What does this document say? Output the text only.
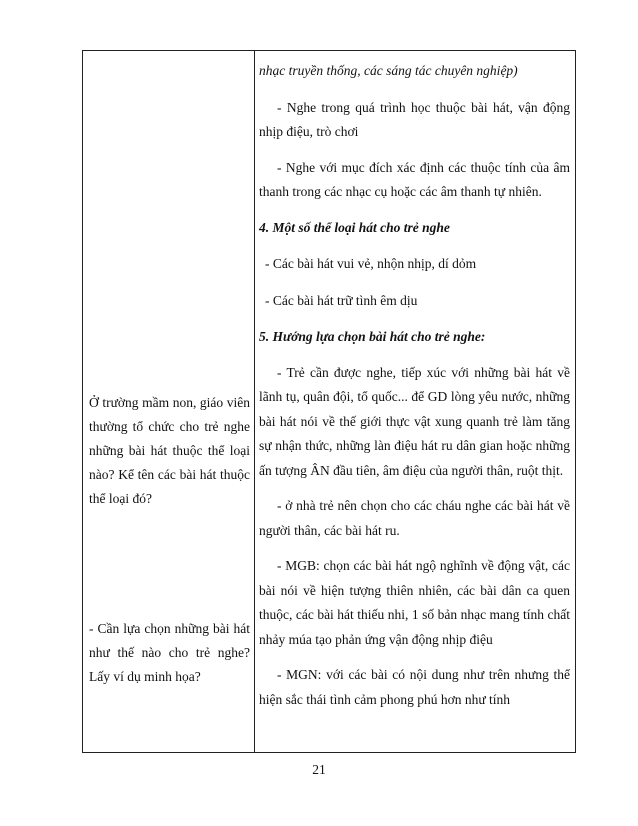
Ở trường mầm non, giáo viên thường tổ chức cho trẻ nghe những bài hát thuộc thể loại nào? Kể tên các bài hát thuộc thể loại đó?
- Cần lựa chọn những bài hát như thế nào cho trẻ nghe? Lấy ví dụ minh họa?

nhạc truyền thống, các sáng tác chuyên nghiệp)

- Nghe trong quá trình học thuộc bài hát, vận động nhịp điệu, trò chơi

- Nghe với mục đích xác định các thuộc tính của âm thanh trong các nhạc cụ hoặc các âm thanh tự nhiên.

4. Một số thể loại hát cho trẻ nghe

- Các bài hát vui vẻ, nhộn nhịp, dí dỏm

- Các bài hát trữ tình êm dịu

5. Hướng lựa chọn bài hát cho trẻ nghe:

- Trẻ cần được nghe, tiếp xúc với những bài hát về lãnh tụ, quân đội, tổ quốc... để GD lòng yêu nước, những bài hát nói về thế giới thực vật xung quanh trẻ làm tăng sự nhận thức, những làn điệu hát ru dân gian hoặc những ấn tượng ÂN đầu tiên, âm điệu của người thân, ruột thịt.

- ở nhà trẻ nên chọn cho các cháu nghe các bài hát về người thân, các bài hát ru.

- MGB: chọn các bài hát ngộ nghĩnh về động vật, các bài nói về hiện tượng thiên nhiên, các bài dân ca quen thuộc, các bài hát thiếu nhi, 1 số bản nhạc mang tính chất nhảy múa tạo phản ứng vận động nhịp điệu

- MGN: với các bài có nội dung như trên nhưng thể hiện sắc thái tình cảm phong phú hơn như tính

21
